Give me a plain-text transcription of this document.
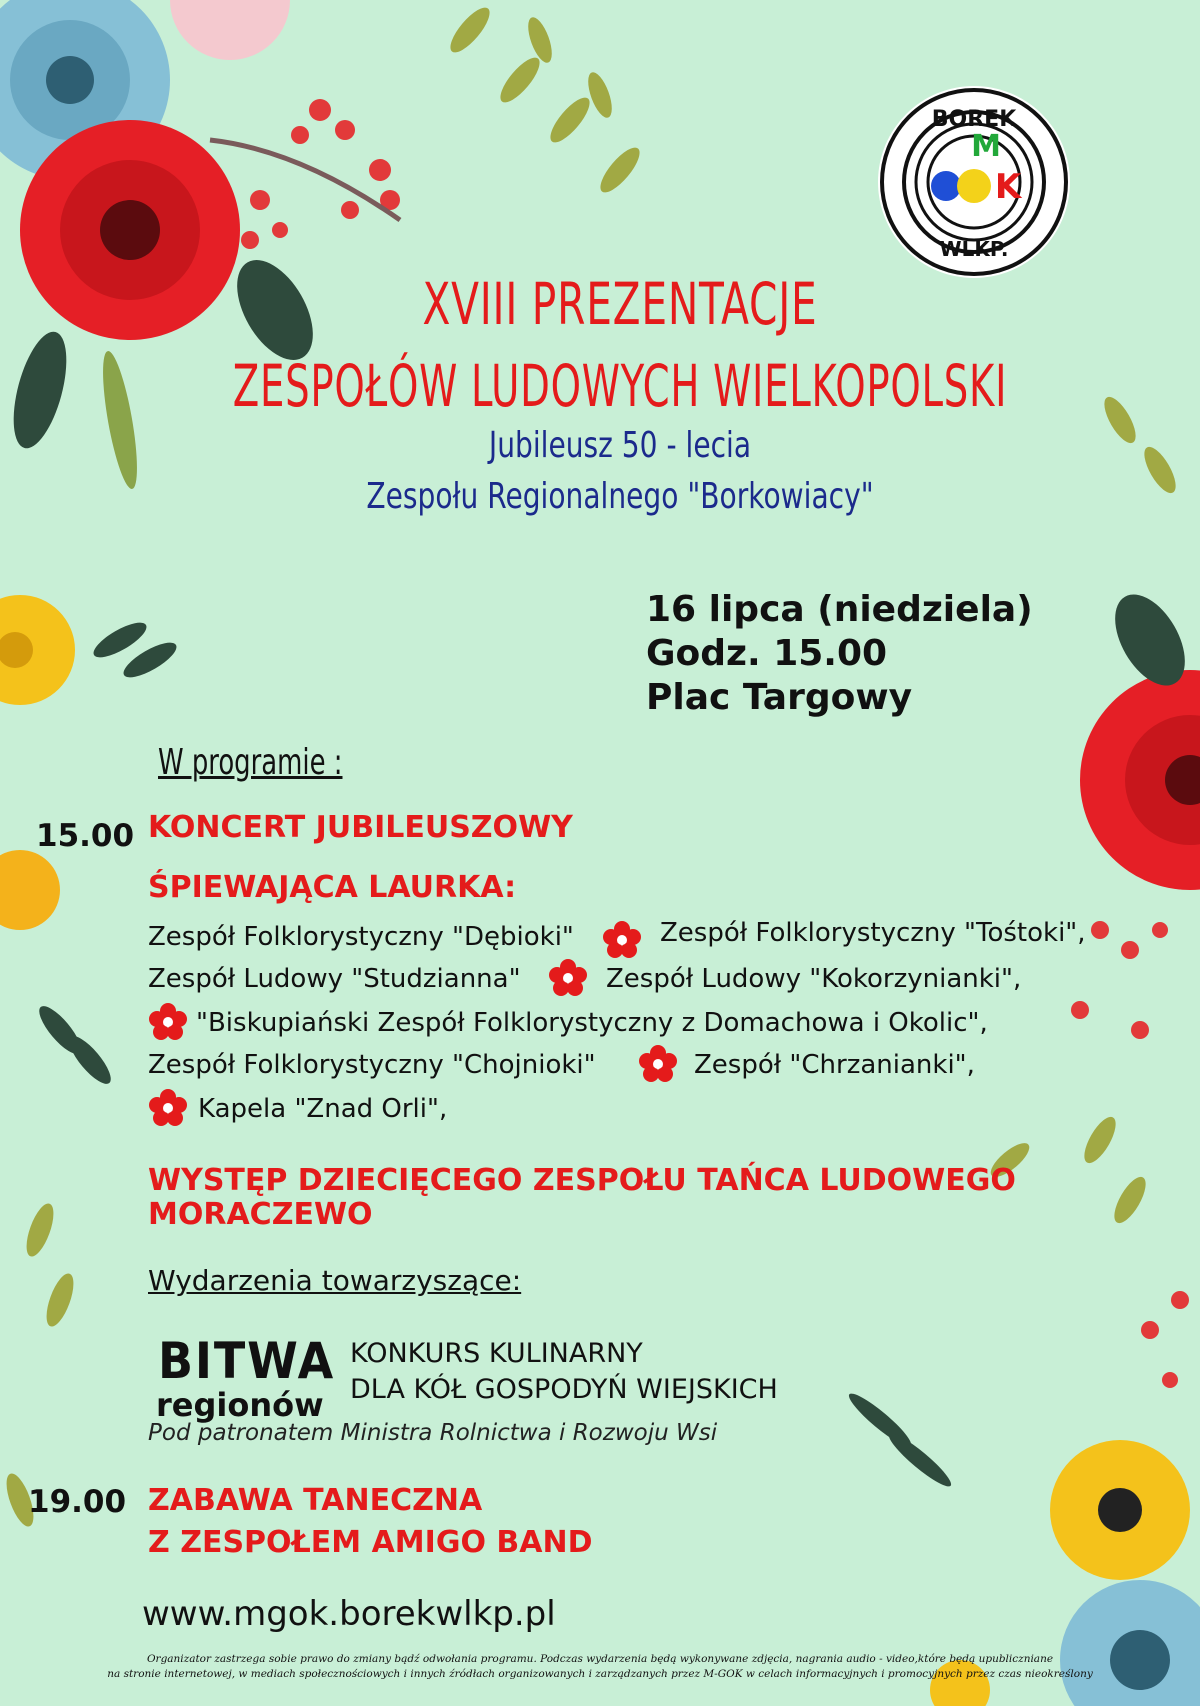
BOREK
WLKP.
M
K
XVIII PREZENTACJE
ZESPOŁÓW LUDOWYCH WIELKOPOLSKI
Jubileusz 50 - lecia
Zespołu Regionalnego "Borkowiacy"
16 lipca (niedziela)
Godz. 15.00
Plac Targowy
W programie :
15.00 KONCERT JUBILEUSZOWY
ŚPIEWAJĄCA LAURKA:
Zespół Folklorystyczny "Dębioki"	Zespół Folklorystyczny "Tośtoki",
Zespół Ludowy "Studzianna"	Zespół Ludowy "Kokorzynianki",
"Biskupiański Zespół Folklorystyczny z Domachowa i Okolic",
Zespół Folklorystyczny "Chojnioki"	Zespół "Chrzanianki",
Kapela "Znad Orli",
WYSTĘP DZIECIĘCEGO ZESPOŁU TAŃCA LUDOWEGO
MORACZEWO
Wydarzenia towarzyszące:
BITWA
regionów
KONKURS KULINARNY
DLA KÓŁ GOSPODYŃ WIEJSKICH
Pod patronatem Ministra Rolnictwa i Rozwoju Wsi
19.00 ZABAWA TANECZNA
Z ZESPOŁEM AMIGO BAND
www.mgok.borekwlkp.pl
Organizator zastrzega sobie prawo do zmiany bądź odwołania programu. Podczas wydarzenia będą wykonywane zdjęcia, nagrania audio - video,które będą upubliczniane
na stronie internetowej, w mediach społecznościowych i innych źródłach organizowanych i zarządzanych przez M-GOK w celach informacyjnych i promocyjnych przez czas nieokreślony
